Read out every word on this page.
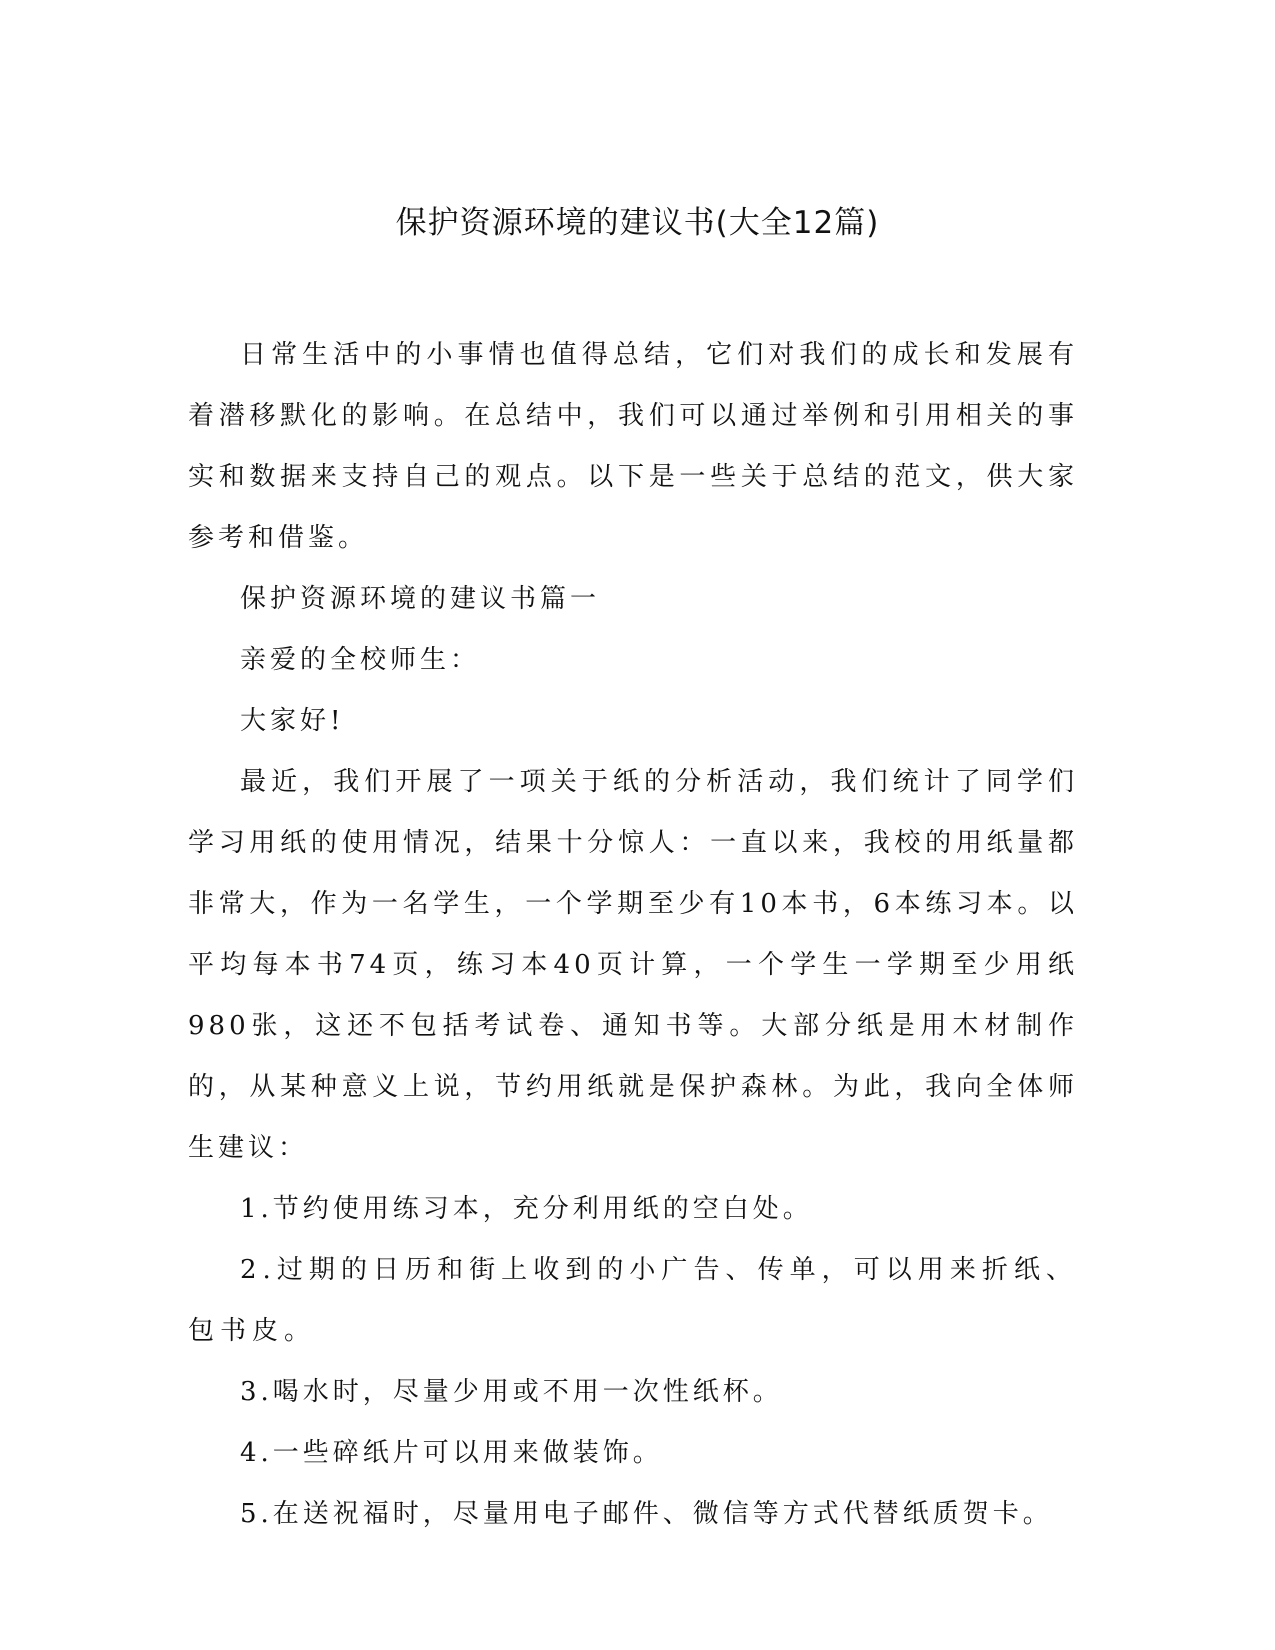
保护资源环境的建议书(大全12篇)

日常生活中的小事情也值得总结，它们对我们的成长和发展有着潜移默化的影响。在总结中，我们可以通过举例和引用相关的事实和数据来支持自己的观点。以下是一些关于总结的范文，供大家参考和借鉴。

保护资源环境的建议书篇一

亲爱的全校师生：

大家好!

最近，我们开展了一项关于纸的分析活动，我们统计了同学们学习用纸的使用情况，结果十分惊人：一直以来，我校的用纸量都非常大，作为一名学生，一个学期至少有10本书，6本练习本。以平均每本书74页，练习本40页计算，一个学生一学期至少用纸980张，这还不包括考试卷、通知书等。大部分纸是用木材制作的，从某种意义上说，节约用纸就是保护森林。为此，我向全体师生建议：

1.节约使用练习本，充分利用纸的空白处。

2.过期的日历和街上收到的小广告、传单，可以用来折纸、包书皮。

3.喝水时，尽量少用或不用一次性纸杯。

4.一些碎纸片可以用来做装饰。

5.在送祝福时，尽量用电子邮件、微信等方式代替纸质贺卡。
